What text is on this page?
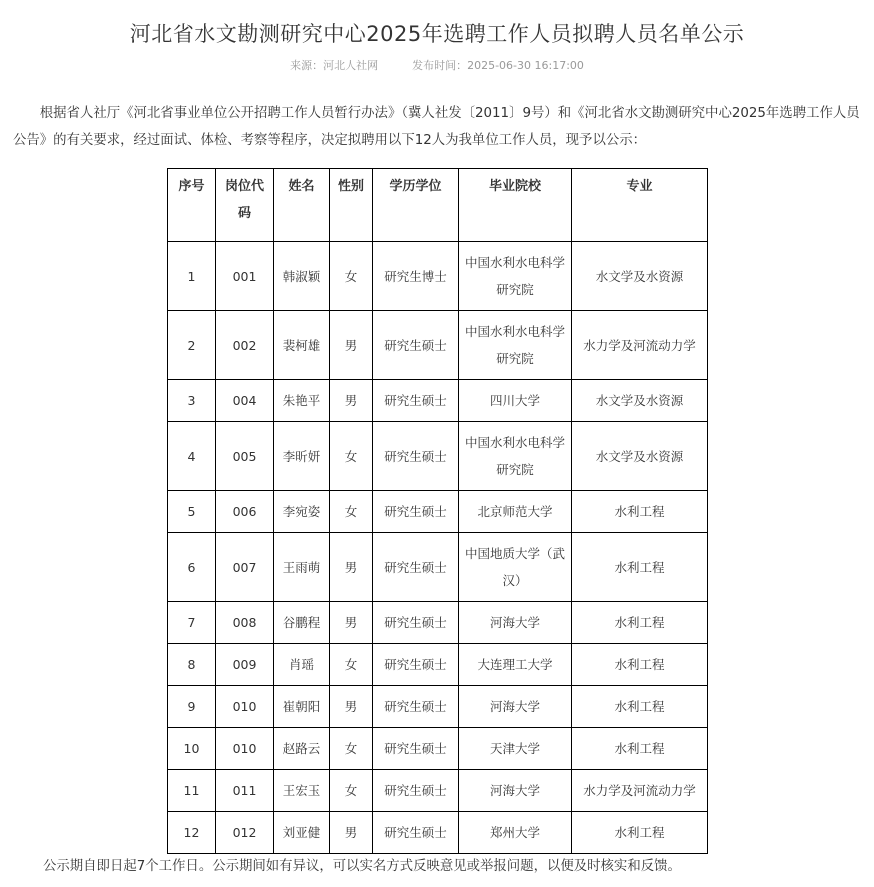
河北省水文勘测研究中心2025年选聘工作人员拟聘人员名单公示
来源：河北人社网	发布时间：2025-06-30 16:17:00

根据省人社厅《河北省事业单位公开招聘工作人员暂行办法》（冀人社发〔2011〕9号）和《河北省水文勘测研究中心2025年选聘工作人员公告》的有关要求，经过面试、体检、考察等程序，决定拟聘用以下12人为我单位工作人员，现予以公示：

序号	岗位代码	姓名	性别	学历学位	毕业院校	专业
1	001	韩淑颖	女	研究生博士	中国水利水电科学研究院	水文学及水资源
2	002	裴柯雄	男	研究生硕士	中国水利水电科学研究院	水力学及河流动力学
3	004	朱艳平	男	研究生硕士	四川大学	水文学及水资源
4	005	李昕妍	女	研究生硕士	中国水利水电科学研究院	水文学及水资源
5	006	李宛姿	女	研究生硕士	北京师范大学	水利工程
6	007	王雨萌	男	研究生硕士	中国地质大学（武汉）	水利工程
7	008	谷鹏程	男	研究生硕士	河海大学	水利工程
8	009	肖瑶	女	研究生硕士	大连理工大学	水利工程
9	010	崔朝阳	男	研究生硕士	河海大学	水利工程
10	010	赵路云	女	研究生硕士	天津大学	水利工程
11	011	王宏玉	女	研究生硕士	河海大学	水力学及河流动力学
12	012	刘亚健	男	研究生硕士	郑州大学	水利工程
公示期自即日起7个工作日。公示期间如有异议，可以实名方式反映意见或举报问题，以便及时核实和反馈。
